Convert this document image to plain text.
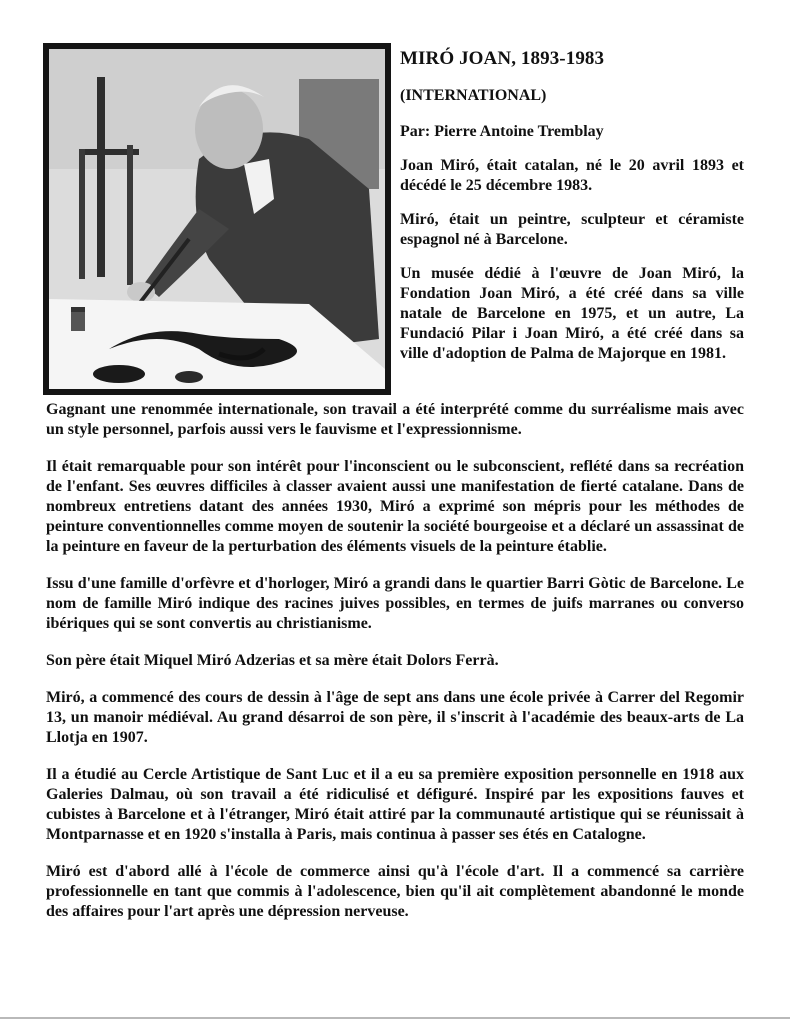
MIRÓ JOAN, 1893-1983
(INTERNATIONAL)
Par: Pierre Antoine Tremblay

Joan Miró, était catalan, né le 20 avril 1893 et décédé le 25 décembre 1983.

Miró, était un peintre, sculpteur et céramiste espagnol né à Barcelone.

Un musée dédié à l'œuvre de Joan Miró, la Fondation Joan Miró, a été créé dans sa ville natale de Barcelone en 1975, et un autre, La Fundació Pilar i Joan Miró, a été créé dans sa ville d'adoption de Palma de Majorque en 1981.

Gagnant une renommée internationale, son travail a été interprété comme du surréalisme mais avec un style personnel, parfois aussi vers le fauvisme et l'expressionnisme.

Il était remarquable pour son intérêt pour l'inconscient ou le subconscient, reflété dans sa recréation de l'enfant. Ses œuvres difficiles à classer avaient aussi une manifestation de fierté catalane. Dans de nombreux entretiens datant des années 1930, Miró a exprimé son mépris pour les méthodes de peinture conventionnelles comme moyen de soutenir la société bourgeoise et a déclaré un assassinat de la peinture en faveur de la perturbation des éléments visuels de la peinture établie.

Issu d'une famille d'orfèvre et d'horloger, Miró a grandi dans le quartier Barri Gòtic de Barcelone. Le nom de famille Miró indique des racines juives possibles, en termes de juifs marranes ou converso ibériques qui se sont convertis au christianisme.

Son père était Miquel Miró Adzerias et sa mère était Dolors Ferrà.

Miró, a commencé des cours de dessin à l'âge de sept ans dans une école privée à Carrer del Regomir 13, un manoir médiéval. Au grand désarroi de son père, il s'inscrit à l'académie des beaux-arts de La Llotja en 1907.

Il a étudié au Cercle Artistique de Sant Luc et il a eu sa première exposition personnelle en 1918 aux Galeries Dalmau, où son travail a été ridiculisé et défiguré. Inspiré par les expositions fauves et cubistes à Barcelone et à l'étranger, Miró était attiré par la communauté artistique qui se réunissait à Montparnasse et en 1920 s'installa à Paris, mais continua à passer ses étés en Catalogne.

Miró est d'abord allé à l'école de commerce ainsi qu'à l'école d'art. Il a commencé sa carrière professionnelle en tant que commis à l'adolescence, bien qu'il ait complètement abandonné le monde des affaires pour l'art après une dépression nerveuse.
